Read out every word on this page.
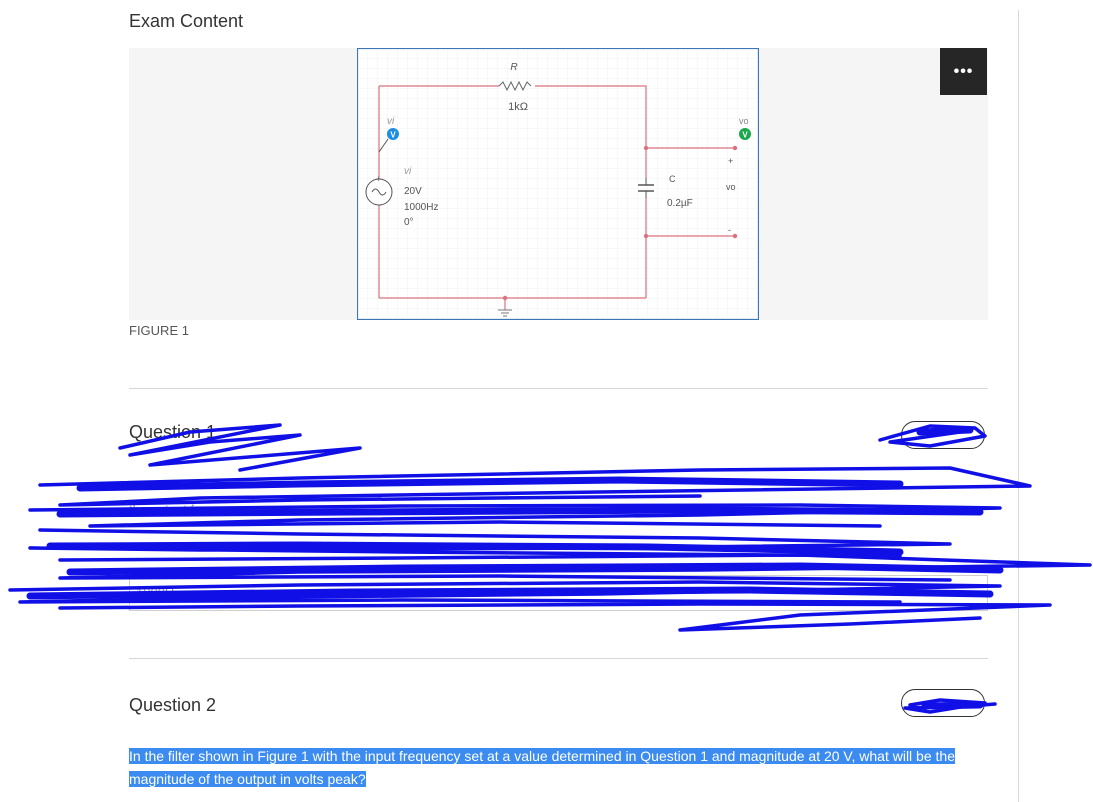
Exam Content
R
1kΩ
vi
V
vo
V
vi
20V
1000Hz
0°
+	C
0.2µF
+
vo
-
•••
FIGURE 1
Question 1
the output fr
1000H
Question 2
In the filter shown in Figure 1 with the input frequency set at a value determined in Question 1 and magnitude at 20 V, what will be the magnitude of the output in volts peak?
